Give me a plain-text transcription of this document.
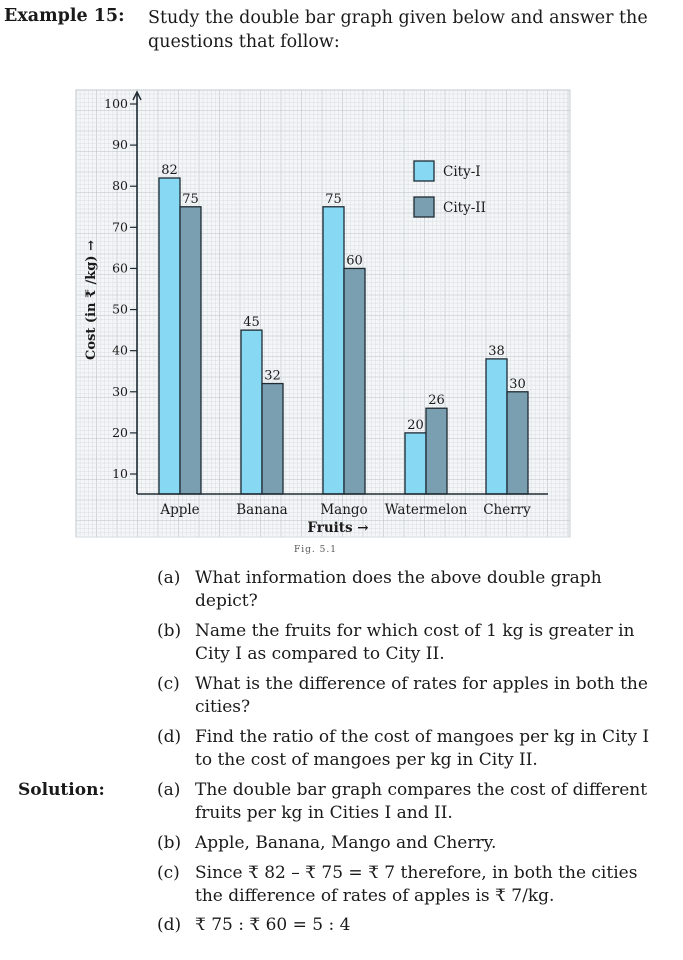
Example 15: Study the double bar graph given below and answer the questions that follow:
82
75
Apple
45
32
Banana
75
60
Mango
20
26
Watermelon
38
30
Cherry
10
20
30
40
50
60
70
80
90
100
Fruits →
Cost (in ₹ /kg) →
City-I
City-II
Fig. 5.1
(a) What information does the above double graph depict?
(b) Name the fruits for which cost of 1 kg is greater in City I as compared to City II.
(c) What is the difference of rates for apples in both the cities?
(d) Find the ratio of the cost of mangoes per kg in City I to the cost of mangoes per kg in City II.
Solution:	(a) The double bar graph compares the cost of different fruits per kg in Cities I and II.
(b) Apple, Banana, Mango and Cherry.
(c) Since ₹ 82 – ₹ 75 = ₹ 7 therefore, in both the cities the difference of rates of apples is ₹ 7/kg.
(d) ₹ 75 : ₹ 60 = 5 : 4
